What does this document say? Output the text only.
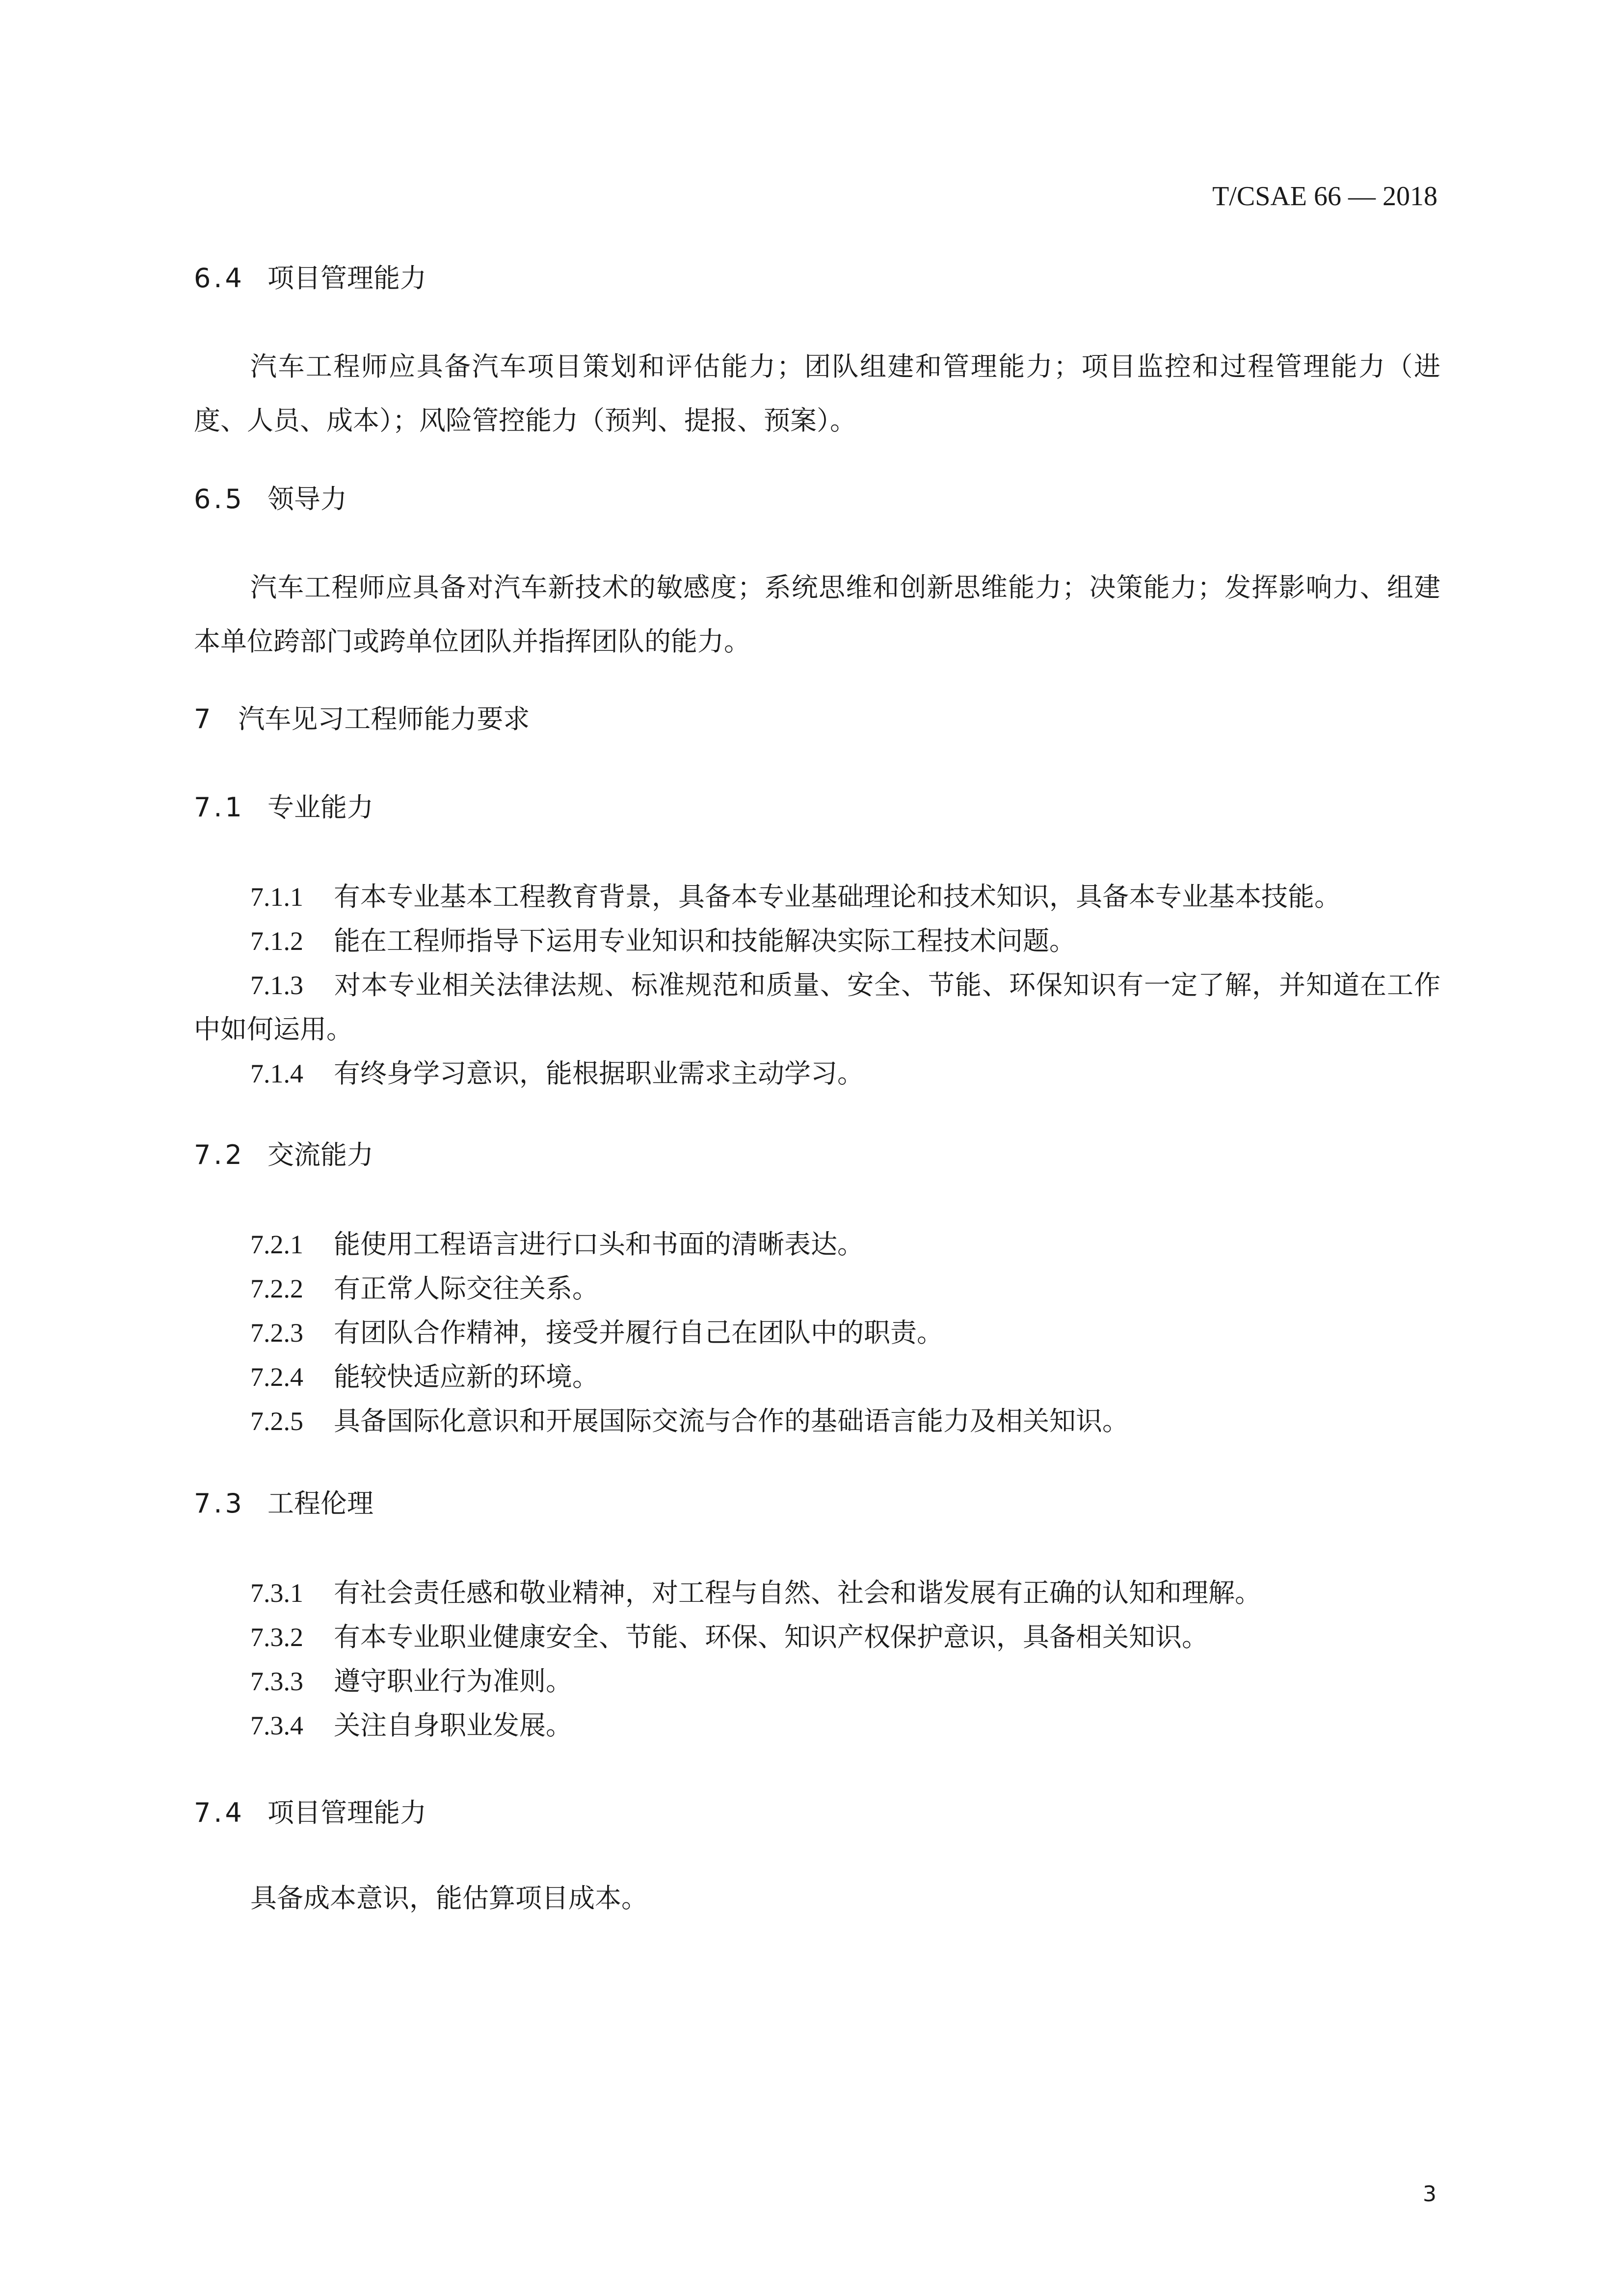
T/CSAE 66 — 2018
6.4 项目管理能力
汽车工程师应具备汽车项目策划和评估能力；团队组建和管理能力；项目监控和过程管理能力（进度、人员、成本）；风险管控能力（预判、提报、预案）。
6.5 领导力
汽车工程师应具备对汽车新技术的敏感度；系统思维和创新思维能力；决策能力；发挥影响力、组建本单位跨部门或跨单位团队并指挥团队的能力。
7 汽车见习工程师能力要求
7.1 专业能力
7.1.1 有本专业基本工程教育背景，具备本专业基础理论和技术知识，具备本专业基本技能。
7.1.2 能在工程师指导下运用专业知识和技能解决实际工程技术问题。
7.1.3 对本专业相关法律法规、标准规范和质量、安全、节能、环保知识有一定了解，并知道在工作中如何运用。
7.1.4 有终身学习意识，能根据职业需求主动学习。
7.2 交流能力
7.2.1 能使用工程语言进行口头和书面的清晰表达。
7.2.2 有正常人际交往关系。
7.2.3 有团队合作精神，接受并履行自己在团队中的职责。
7.2.4 能较快适应新的环境。
7.2.5 具备国际化意识和开展国际交流与合作的基础语言能力及相关知识。
7.3 工程伦理
7.3.1 有社会责任感和敬业精神，对工程与自然、社会和谐发展有正确的认知和理解。
7.3.2 有本专业职业健康安全、节能、环保、知识产权保护意识，具备相关知识。
7.3.3 遵守职业行为准则。
7.3.4 关注自身职业发展。
7.4 项目管理能力
具备成本意识，能估算项目成本。
3
